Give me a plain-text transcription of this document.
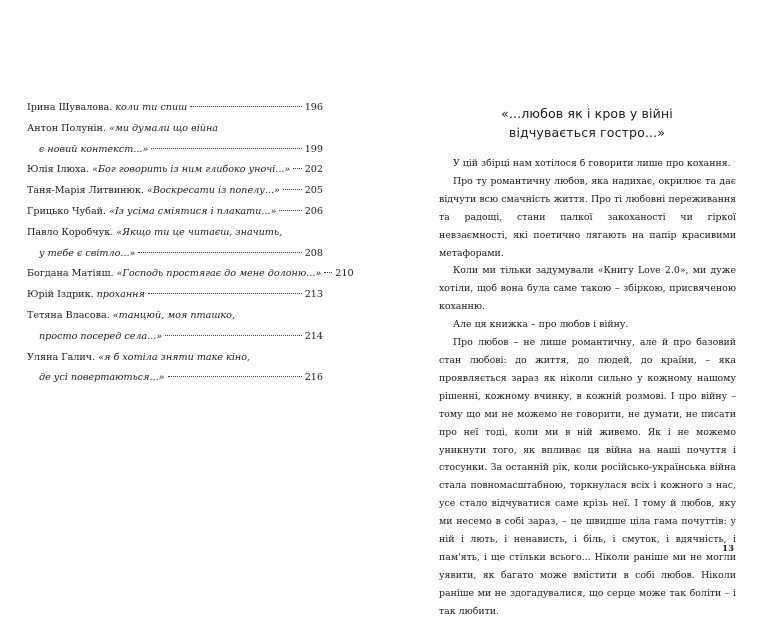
Ірина Шувалова. коли ти спиш	196
Антон Полунін. «ми думали що війна
є новий контекст...»	199
Юлія Ілюха. «Бог говорить із ним глибоко уночі...» 202
Таня-Марія Литвинюк. «Воскресати із попелу...»	205
Грицько Чубай. «Із усіма сміятися і плакати...»	206
Павло Коробчук. «Якщо ти це читаєш, значить,
у тебе є світло...»	208
Богдана Матіяш. «Господь простягає до мене долоню...» 210
Юрій Іздрик. прохання	213
Тетяна Власова. «танцюй, моя пташко,
просто посеред села...»	214
Уляна Галич. «я б хотіла зняти таке кіно,
де усі повертаються...»	216
«...любов як і кров у війні
відчувається гостро...»

У цій збірці нам хотілося б говорити лише про кохання.

Про ту романтичну любов, яка надихає, окрилює та дає відчути всю смачність життя. Про ті любовні переживання та радощі, стани палкої закоханості чи гіркої невзаємності, які поетично лягають на папір красивими метафорами.

Коли ми тільки задумували «Книгу Love 2.0», ми дуже хотіли, щоб вона була саме такою – збіркою, присвяченою коханню.

Але ця книжка – про любов і війну.

Про любов – не лише романтичну, але й про базовий стан любові: до життя, до людей, до країни, – яка проявляється зараз як ніколи сильно у кожному нашому рішенні, кожному вчинку, в кожній розмові. І про війну – тому що ми не можемо не говорити, не думати, не писати про неї тоді, коли ми в ній живемо. Як і не можемо уникнути того, як впливає ця війна на наші почуття і стосунки. За останній рік, коли російсько-українська війна стала повномасштабною, торкнулася всіх і кожного з нас, усе стало відчуватися саме крізь неї. І тому й любов, яку ми несемо в собі зараз, – це швидше ціла гама почуттів: у ній і лють, і ненависть, і біль, і смуток, і вдячність, і пам'ять, і ще стільки всього... Ніколи раніше ми не могли уявити, як багато може вмістити в собі любов. Ніколи раніше ми не здогадувалися, що серце може так боліти – і так любити.

13
